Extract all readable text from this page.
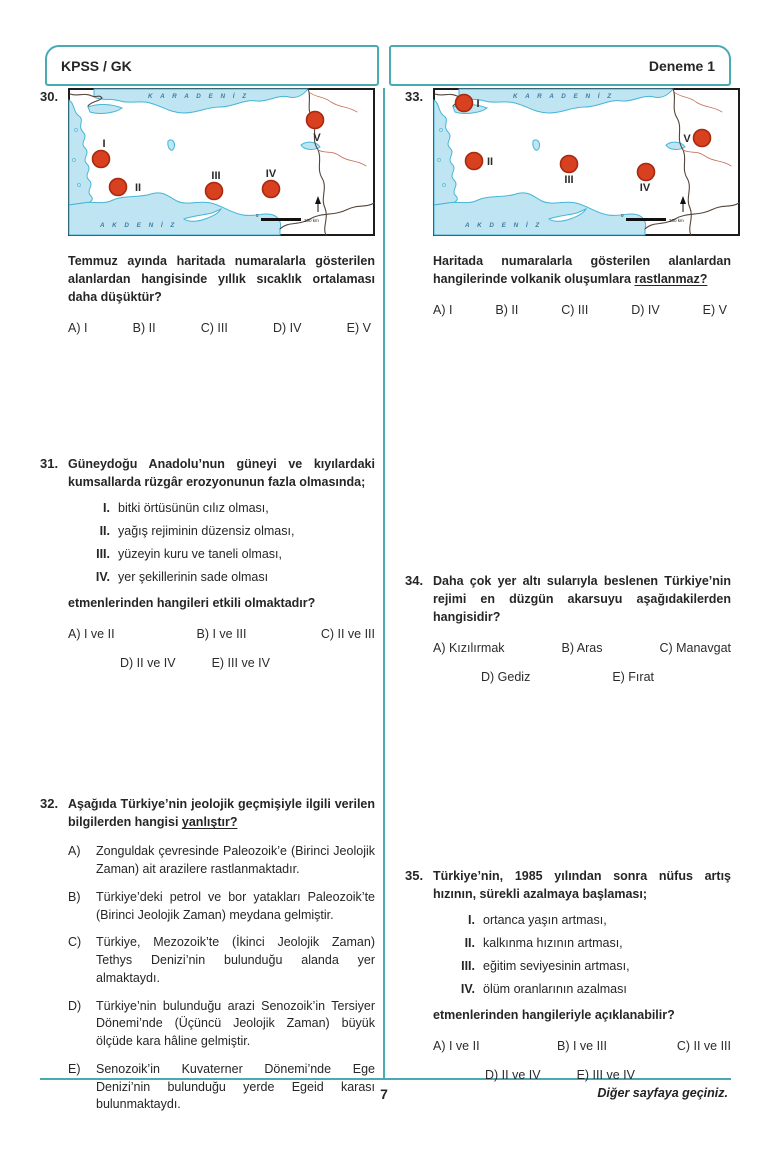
KPSS / GK	Deneme 1
30.
I
II
III	IV
V

Temmuz ayında haritada numaralarla gösterilen alanlardan hangisinde yıllık sıcaklık ortalaması daha düşüktür?

A) I	B) II	C) III	D) IV	E) V
31. Güneydoğu Anadolu’nun güneyi ve kıyılardaki kumsallarda rüzgâr erozyonunun fazla olmasında;

I. bitki örtüsünün cılız olması,
II. yağış rejiminin düzensiz olması,
III. yüzeyin kuru ve taneli olması,
IV. yer şekillerinin sade olması

etmenlerinden hangileri etkili olmaktadır?

A) I ve II	B) I ve III	C) II ve III
D) II ve IV	E) III ve IV
32. Aşağıda Türkiye’nin jeolojik geçmişiyle ilgili verilen bilgilerden hangisi yanlıştır?

A)	Zonguldak çevresinde Paleozoik’e (Birinci Jeolojik Zaman) ait arazilere rastlanmaktadır.
B)	Türkiye’deki petrol ve bor yatakları Paleozoik’te (Birinci Jeolojik Zaman) meydana gelmiştir.
C)	Türkiye, Mezozoik’te (İkinci Jeolojik Zaman) Tethys Denizi’nin bulunduğu alanda yer almaktaydı.
D)	Türkiye’nin bulunduğu arazi Senozoik’in Tersiyer Dönemi’nde (Üçüncü Jeolojik Zaman) büyük ölçüde kara hâline gelmiştir.
E)	Senozoik’in Kuvaterner Dönemi’nde Ege Denizi’nin bulunduğu yerde Egeid karası bulunmaktaydı.
33.	I
II
III
IV
V

Haritada numaralarla gösterilen alanlardan hangilerinde volkanik oluşumlara rastlanmaz?

A) I	B) II	C) III	D) IV	E) V
34. Daha çok yer altı sularıyla beslenen Türkiye’nin rejimi en düzgün akarsuyu aşağıdakilerden hangisidir?

A) Kızılırmak	B) Aras	C) Manavgat
D) Gediz	E) Fırat
35. Türkiye’nin, 1985 yılından sonra nüfus artış hızının, sürekli azalmaya başlaması;

I. ortanca yaşın artması,
II. kalkınma hızının artması,
III. eğitim seviyesinin artması,
IV. ölüm oranlarının azalması

etmenlerinden hangileriyle açıklanabilir?

A) I ve II	B) I ve III	C) II ve III
D) II ve IV	E) III ve IV
7	Diğer sayfaya geçiniz.
